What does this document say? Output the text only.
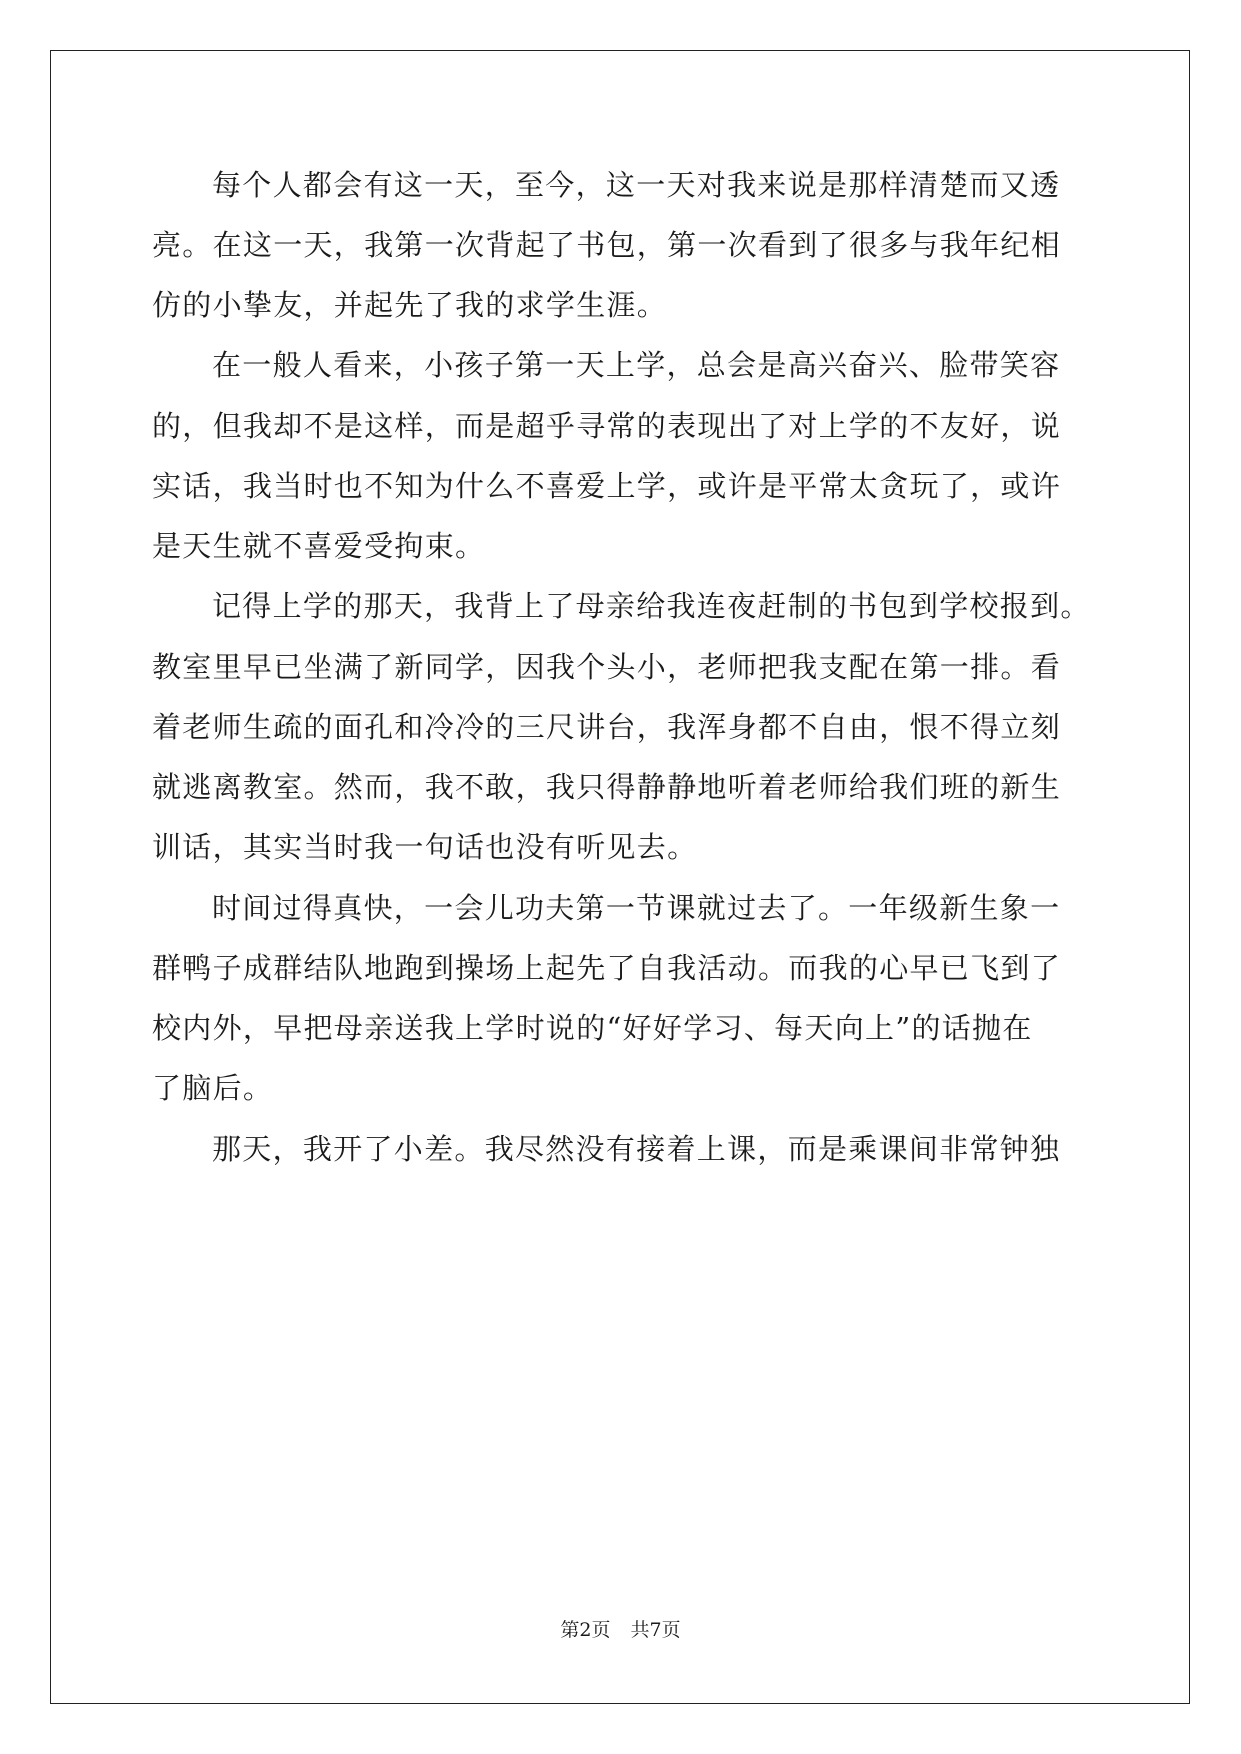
每个人都会有这一天，至今，这一天对我来说是那样清楚而又透
亮。在这一天，我第一次背起了书包，第一次看到了很多与我年纪相
仿的小挚友，并起先了我的求学生涯。
在一般人看来，小孩子第一天上学，总会是高兴奋兴、脸带笑容
的，但我却不是这样，而是超乎寻常的表现出了对上学的不友好，说
实话，我当时也不知为什么不喜爱上学，或许是平常太贪玩了，或许
是天生就不喜爱受拘束。
记得上学的那天，我背上了母亲给我连夜赶制的书包到学校报到。
教室里早已坐满了新同学，因我个头小，老师把我支配在第一排。看
着老师生疏的面孔和冷冷的三尺讲台，我浑身都不自由，恨不得立刻
就逃离教室。然而，我不敢，我只得静静地听着老师给我们班的新生
训话，其实当时我一句话也没有听见去。
时间过得真快，一会儿功夫第一节课就过去了。一年级新生象一
群鸭子成群结队地跑到操场上起先了自我活动。而我的心早已飞到了
校内外，早把母亲送我上学时说的“好好学习、每天向上”的话抛在
了脑后。
那天，我开了小差。我尽然没有接着上课，而是乘课间非常钟独
第2页 共7页
